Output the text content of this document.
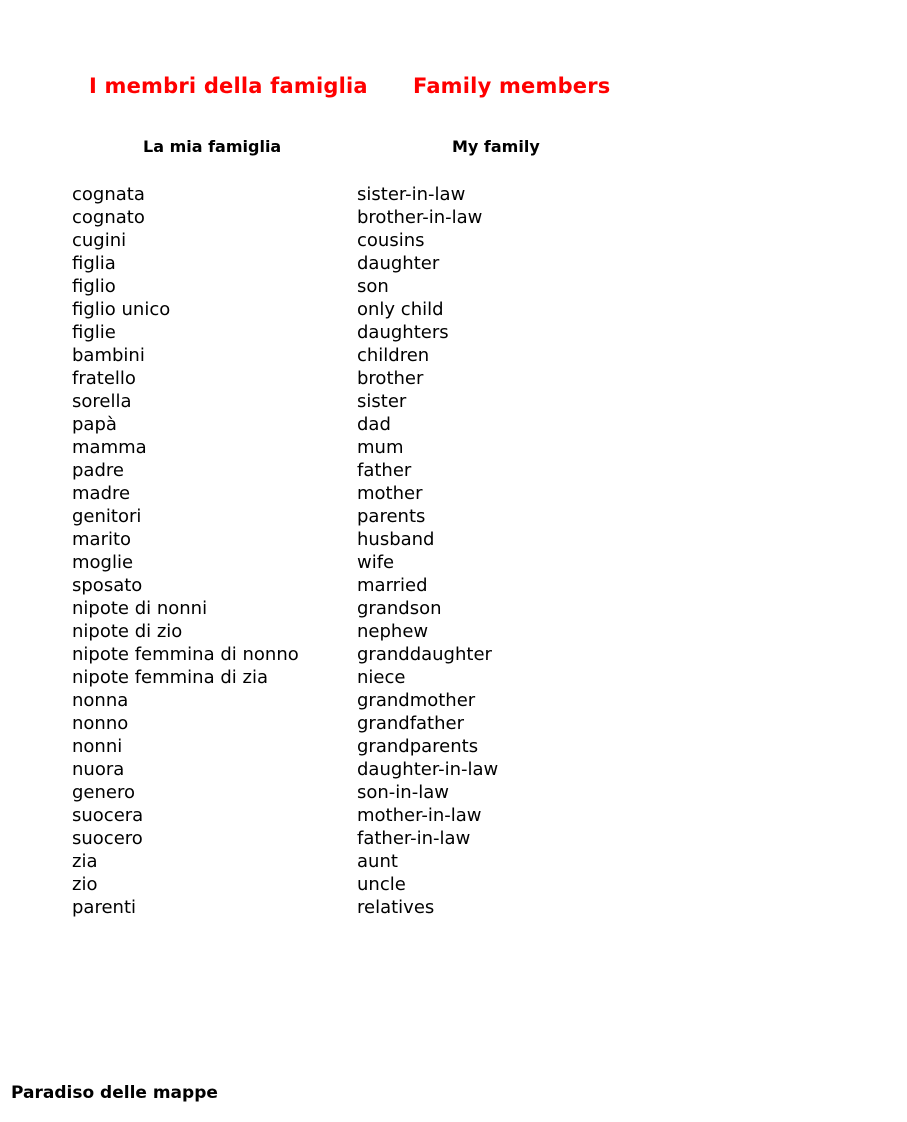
I membri della famiglia Family members
La mia famiglia	My family
cognata
cognato
cugini
figlia
figlio
figlio unico
figlie
bambini
fratello
sorella
papà
mamma
padre
madre
genitori
marito
moglie
sposato
nipote di nonni
nipote di zio
nipote femmina di nonno
nipote femmina di zia
nonna
nonno
nonni
nuora
genero
suocera
suocero
zia
zio
parenti
sister-in-law
brother-in-law
cousins
daughter
son
only child
daughters
children
brother
sister
dad
mum
father
mother
parents
husband
wife
married
grandson
nephew
granddaughter
niece
grandmother
grandfather
grandparents
daughter-in-law
son-in-law
mother-in-law
father-in-law
aunt
uncle
relatives
Paradiso delle mappe
